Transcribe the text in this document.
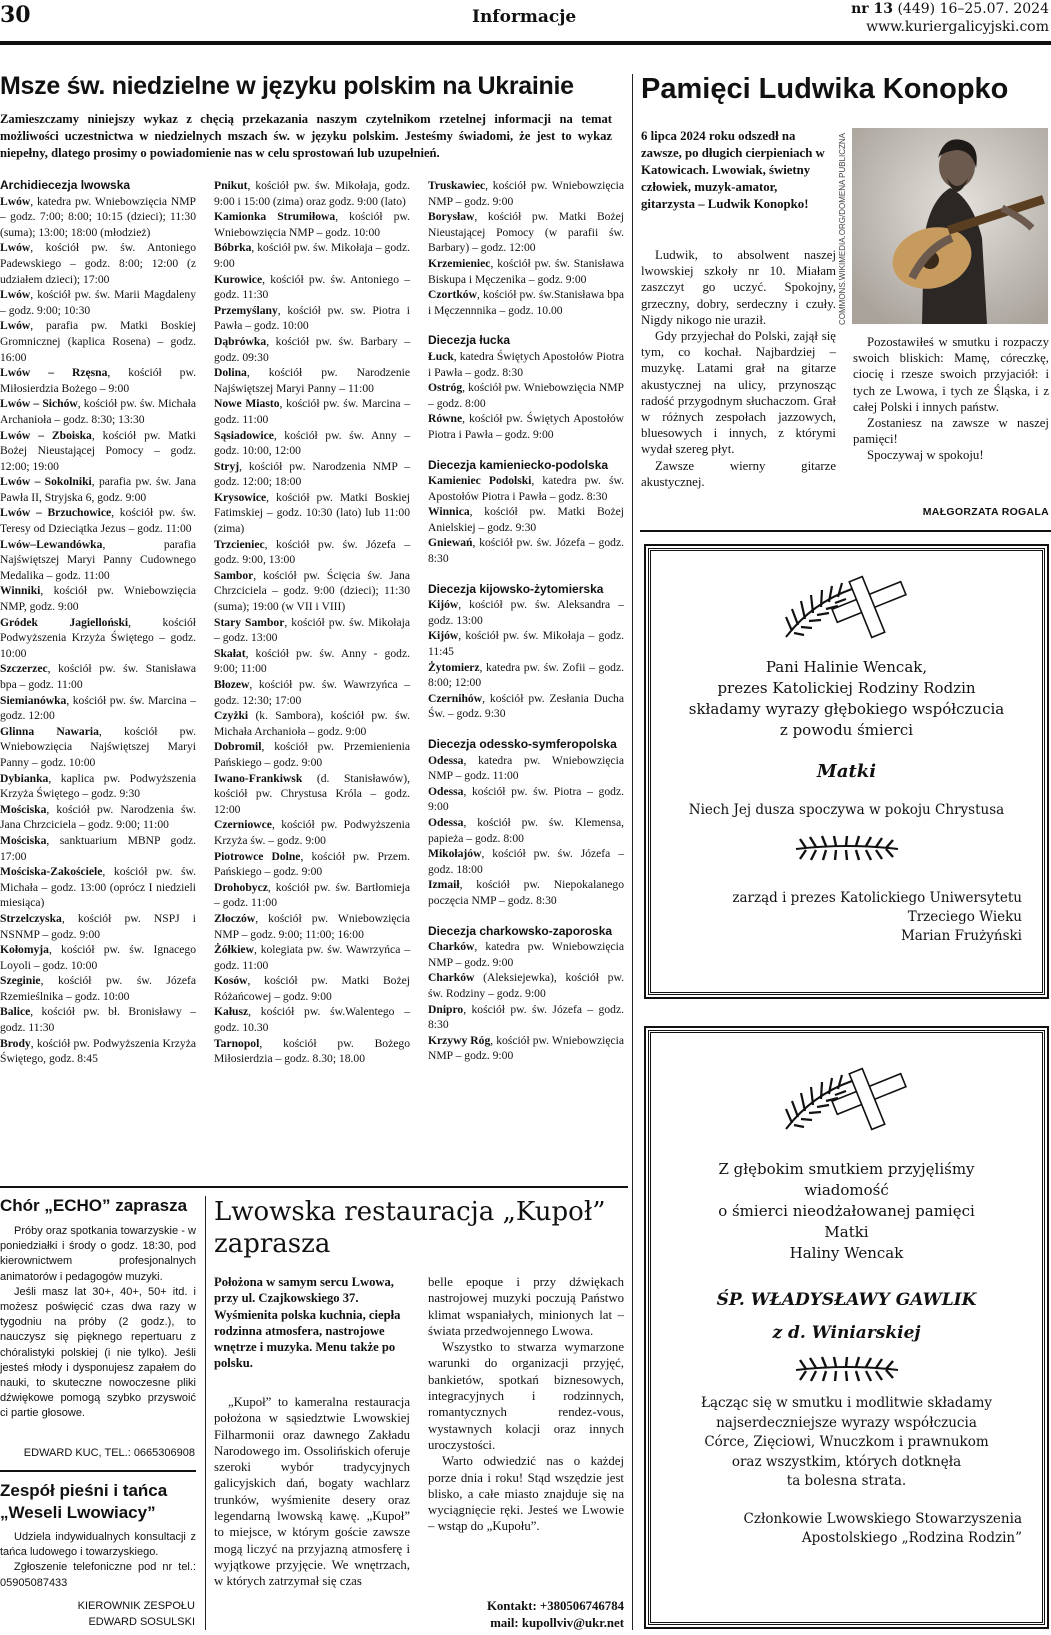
30	Informacje	nr 13 (449) 16–25.07. 2024
www.kuriergalicyjski.com
Msze św. niedzielne w języku polskim na Ukrainie
Zamieszczamy niniejszy wykaz z chęcią przekazania naszym czytelnikom rzetelnej informacji na temat możliwości uczestnictwa w niedzielnych mszach św. w języku polskim. Jesteśmy świadomi, że jest to wykaz niepełny, dlatego prosimy o powiadomienie nas w celu sprostowań lub uzupełnień.
Archidiecezja lwowska
Lwów, katedra pw. Wniebowzięcia NMP – godz. 7:00; 8:00; 10:15 (dzieci); 11:30 (suma); 13:00; 18:00 (młodzież)
Lwów, kościół pw. św. Antoniego Padewskiego – godz. 8:00; 12:00 (z udziałem dzieci); 17:00
Lwów, kościół pw. św. Marii Magdaleny – godz. 9:00; 10:30
Lwów, parafia pw. Matki Boskiej Gromnicznej (kaplica Rosena) – godz. 16:00
Lwów – Rzęsna, kościół pw. Miłosierdzia Bożego – 9:00
Lwów – Sichów, kościół pw. św. Michała Archanioła – godz. 8:30; 13:30
Lwów – Zboiska, kościół pw. Matki Bożej Nieustającej Pomocy – godz. 12:00; 19:00
Lwów – Sokolniki, parafia pw. św. Jana Pawła II, Stryjska 6, godz. 9:00
Lwów – Brzuchowice, kościół pw. św. Teresy od Dzieciątka Jezus – godz. 11:00
Lwów–Lewandówka, parafia Najświętszej Maryi Panny Cudownego Medalika – godz. 11:00
Winniki, kościół pw. Wniebowzięcia NMP, godz. 9:00
Gródek Jagielloński, kościół Podwyższenia Krzyża Świętego – godz. 10:00
Szczerzec, kościół pw. św. Stanisława bpa – godz. 11:00
Siemianówka, kościół pw. św. Marcina – godz. 12:00
Glinna Nawaria, kościół pw. Wniebowzięcia Najświętszej Maryi Panny – godz. 10:00
Dybianka, kaplica pw. Podwyższenia Krzyża Świętego – godz. 9:30
Mościska, kościół pw. Narodzenia św. Jana Chrzciciela – godz. 9:00; 11:00
Mościska, sanktuarium MBNP godz. 17:00
Mościska-Zakościele, kościół pw. św. Michała – godz. 13:00 (oprócz I niedzieli miesiąca)
Strzelczyska, kościół pw. NSPJ i NSNMP – godz. 9:00
Kołomyja, kościół pw. św. Ignacego Loyoli – godz. 10:00
Szeginie, kościół pw. św. Józefa Rzemieślnika – godz. 10:00
Balice, kościół pw. bł. Bronisławy – godz. 11:30
Brody, kościół pw. Podwyższenia Krzyża Świętego, godz. 8:45
Pnikut, kościół pw. św. Mikołaja, godz. 9:00 i 15:00 (zima) oraz godz. 9:00 (lato)
Kamionka Strumiłowa, kościół pw. Wniebowzięcia NMP – godz. 10:00
Bóbrka, kościół pw. św. Mikołaja – godz. 9:00
Kurowice, kościół pw. św. Antoniego – godz. 11:30
Przemyślany, kościół pw. sw. Piotra i Pawła – godz. 10:00
Dąbrówka, kościół pw. św. Barbary – godz. 09:30
Dolina, kościół pw. Narodzenie Najświętszej Maryi Panny – 11:00
Nowe Miasto, kościół pw. św. Marcina – godz. 11:00
Sąsiadowice, kościół pw. św. Anny – godz. 10:00, 12:00
Stryj, kościół pw. Narodzenia NMP – godz. 12:00; 18:00
Krysowice, kościół pw. Matki Boskiej Fatimskiej – godz. 10:30 (lato) lub 11:00 (zima)
Trzcieniec, kościół pw. św. Józefa – godz. 9:00, 13:00
Sambor, kościół pw. Ścięcia św. Jana Chrzciciela – godz. 9:00 (dzieci); 11:30 (suma); 19:00 (w VII i VIII)
Stary Sambor, kościół pw. św. Mikołaja – godz. 13:00
Skałat, kościół pw. św. Anny - godz. 9:00; 11:00
Błozew, kościół pw. św. Wawrzyńca – godz. 12:30; 17:00
Czyżki (k. Sambora), kościół pw. św. Michała Archanioła – godz. 9:00
Dobromil, kościół pw. Przemienienia Pańskiego – godz. 9:00
Iwano-Frankiwsk (d. Stanisławów), kościół pw. Chrystusa Króla – godz. 12:00
Czerniowce, kościół pw. Podwyższenia Krzyża św. – godz. 9:00
Piotrowce Dolne, kościół pw. Przem. Pańskiego – godz. 9:00
Drohobycz, kościół pw. św. Bartłomieja – godz. 11:00
Złoczów, kościół pw. Wniebowzięcia NMP – godz. 9:00; 11:00; 16:00
Żółkiew, kolegiata pw. św. Wawrzyńca – godz. 11:00
Kosów, kościół pw. Matki Bożej Różańcowej – godz. 9:00
Kałusz, kościół pw. św.Walentego – godz. 10.30
Tarnopol, kościół pw. Bożego Miłosierdzia – godz. 8.30; 18.00
Truskawiec, kościół pw. Wniebowzięcia NMP – godz. 9:00
Borysław, kościół pw. Matki Bożej Nieustającej Pomocy (w parafii św. Barbary) – godz. 12:00
Krzemieniec, kościół pw. św. Stanisława Biskupa i Męczenika – godz. 9:00
Czortków, kościół pw. św.Stanisława bpa i Męczennnika – godz. 10.00
Diecezja łucka
Łuck, katedra Świętych Apostołów Piotra i Pawła – godz. 8:30
Ostróg, kościół pw. Wniebowzięcia NMP – godz. 8:00
Równe, kościół pw. Świętych Apostołów Piotra i Pawła – godz. 9:00
Diecezja kamieniecko-podolska
Kamieniec Podolski, katedra pw. św. Apostołów Piotra i Pawła – godz. 8:30
Winnica, kościół pw. Matki Bożej Anielskiej – godz. 9:30
Gniewań, kościół pw. św. Józefa – godz. 8:30
Diecezja kijowsko-żytomierska
Kijów, kościół pw. św. Aleksandra – godz. 13:00
Kijów, kościół pw. św. Mikołaja – godz. 11:45
Żytomierz, katedra pw. św. Zofii – godz. 8:00; 12:00
Czernihów, kościół pw. Zesłania Ducha Św. – godz. 9:30
Diecezja odessko-symferopolska
Odessa, katedra pw. Wniebowzięcia NMP – godz. 11:00
Odessa, kościół pw. św. Piotra – godz. 9:00
Odessa, kościół pw. św. Klemensa, papieża – godz. 8:00
Mikołajów, kościół pw. św. Józefa – godz. 18:00
Izmaił, kościół pw. Niepokalanego poczęcia NMP – godz. 8:30
Diecezja charkowsko-zaporoska
Charków, katedra pw. Wniebowzięcia NMP – godz. 9:00
Charków (Aleksiejewka), kościół pw. św. Rodziny – godz. 9:00
Dnipro, kościół pw. św. Józefa – godz. 8:30
Krzywy Róg, kościół pw. Wniebowzięcia NMP – godz. 9:00
Pamięci Ludwika Konopko
6 lipca 2024 roku odszedł na zawsze, po długich cierpieniach w Katowicach. Lwowiak, świetny człowiek, muzyk-amator, gitarzysta – Ludwik Konopko!	COMMONS.WIKIMEDIA.ORG/DOMENA PUBLICZNA

Ludwik, to absolwent naszej lwowskiej szkoły nr 10. Miałam zaszczyt go uczyć. Spokojny, grzeczny, dobry, serdeczny i czuły. Nigdy nikogo nie uraził.

Gdy przyjechał do Polski, zajął się tym, co kochał. Najbardziej – muzykę. Latami grał na gitarze akustycznej na ulicy, przynosząc radość przygodnym słuchaczom. Grał w różnych zespołach jazzowych, bluesowych i innych, z którymi wydał szereg płyt.

Zawsze wierny gitarze akustycznej.

Pozostawiłeś w smutku i rozpaczy swoich bliskich: Mamę, córeczkę, ciocię i rzesze swoich przyjaciół: i tych ze Lwowa, i tych ze Śląska, i z całej Polski i innych państw.

Zostaniesz na zawsze w naszej pamięci!

Spoczywaj w spokoju!

MAŁGORZATA ROGALA
Pani Halinie Wencak,
prezes Katolickiej Rodziny Rodzin
składamy wyrazy głębokiego współczucia
z powodu śmierci
Matki
Niech Jej dusza spoczywa w pokoju Chrystusa
zarząd i prezes Katolickiego Uniwersytetu
Trzeciego Wieku
Marian Frużyński
Z głębokim smutkiem przyjęliśmy
wiadomość
o śmierci nieodżałowanej pamięci
Matki
Haliny Wencak
ŚP. WŁADYSŁAWY GAWLIK
z d. Winiarskiej
Łącząc się w smutku i modlitwie składamy
najserdeczniejsze wyrazy współczucia
Córce, Zięciowi, Wnuczkom i prawnukom
oraz wszystkim, których dotknęła
ta bolesna strata.
Członkowie Lwowskiego Stowarzyszenia
Apostolskiego „Rodzina Rodzin”
Chór „ECHO” zaprasza

Próby oraz spotkania towarzyskie - w poniedziałki i środy o godz. 18:30, pod kierownictwem profesjonalnych animatorów i pedagogów muzyki.

Jeśli masz lat 30+, 40+, 50+ itd. i możesz poświęcić czas dwa razy w tygodniu na próby (2 godz.), to nauczysz się pięknego repertuaru z chóralistyki polskiej (i nie tylko). Jeśli jesteś młody i dysponujesz zapałem do nauki, to skuteczne nowoczesne pliki dźwiękowe pomogą szybko przyswoić ci partie głosowe.

EDWARD KUC, TEL.: 0665306908
Zespół pieśni i tańca „Weseli Lwowiacy”

Udziela indywidualnych konsultacji z tańca ludowego i towarzyskiego.

Zgłoszenie telefoniczne pod nr tel.: 05905087433

KIEROWNIK ZESPOŁU
EDWARD SOSULSKI
Lwowska restauracja „Kupoł” zaprasza
Położona w samym sercu Lwowa, przy ul. Czajkowskiego 37. Wyśmienita polska kuchnia, ciepła rodzinna atmosfera, nastrojowe wnętrze i muzyka. Menu także po polsku.
„Kupoł” to kameralna restauracja położona w sąsiedztwie Lwowskiej Filharmonii oraz dawnego Zakładu Narodowego im. Ossolińskich oferuje szeroki wybór tradycyjnych galicyjskich dań, bogaty wachlarz trunków, wyśmienite desery oraz legendarną lwowską kawę. „Kupoł” to miejsce, w którym goście zawsze mogą liczyć na przyjazną atmosferę i wyjątkowe przyjęcie. We wnętrzach, w których zatrzymał się czas

belle epoque i przy dźwiękach nastrojowej muzyki poczują Państwo klimat wspaniałych, minionych lat – świata przedwojennego Lwowa.

Wszystko to stwarza wymarzone warunki do organizacji przyjęć, bankietów, spotkań biznesowych, integracyjnych i rodzinnych, romantycznych rendez-vous, wystawnych kolacji oraz innych uroczystości.

Warto odwiedzić nas o każdej porze dnia i roku! Stąd wszędzie jest blisko, a całe miasto znajduje się na wyciągnięcie ręki. Jesteś we Lwowie – wstąp do „Kupołu”.

Kontakt: +380506746784
mail: kupollviv@ukr.net
